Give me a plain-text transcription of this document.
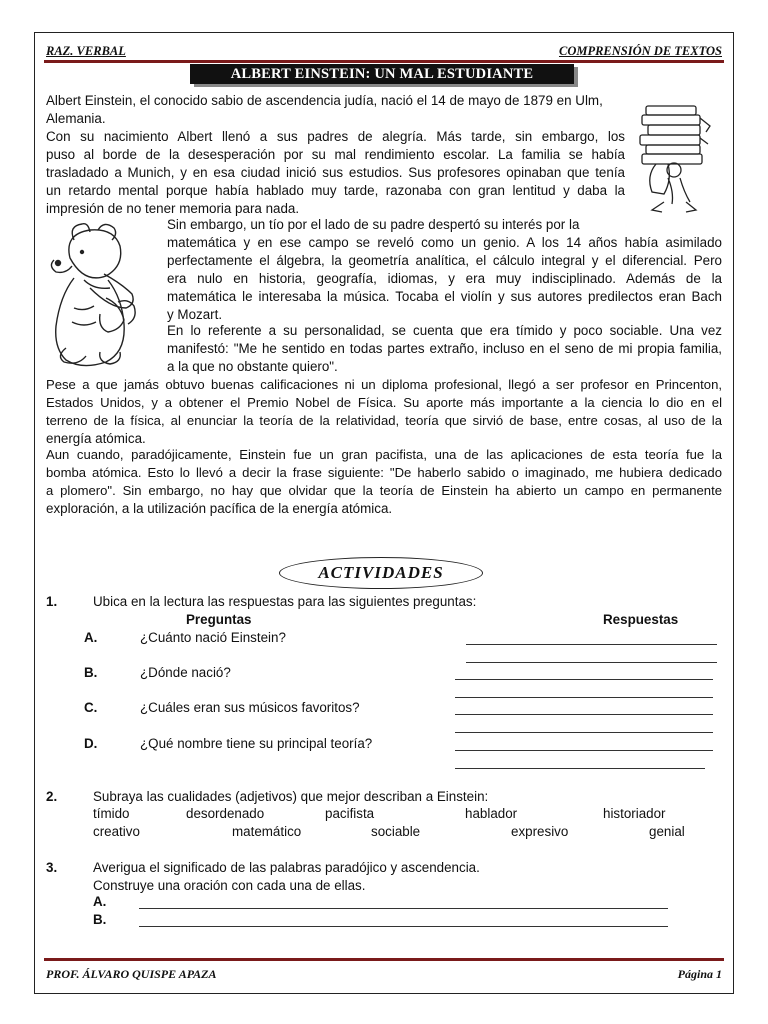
RAZ. VERBAL	COMPRENSIÓN DE TEXTOS
ALBERT EINSTEIN: UN MAL ESTUDIANTE

Albert Einstein, el conocido sabio de ascendencia judía, nació el 14 de mayo de 1879 en Ulm,

Alemania.

Con su nacimiento Albert llenó a sus padres de alegría. Más tarde, sin embargo, los

puso al borde de la desesperación por su mal rendimiento escolar. La familia se había

trasladado a Munich, y en esa ciudad inició sus estudios. Sus profesores opinaban que tenía

un retardo mental porque había hablado muy tarde, razonaba con gran lentitud y daba la

impresión de no tener memoria para nada.

Sin embargo, un tío por el lado de su padre despertó su interés por la

matemática y en ese campo se reveló como un genio. A los 14 años había asimilado

perfectamente el álgebra, la geometría analítica, el cálculo integral y el diferencial. Pero

era nulo en historia, geografía, idiomas, y era muy indisciplinado. Además de la

matemática le interesaba la música. Tocaba el violín y sus autores predilectos eran Bach

y Mozart.

En lo referente a su personalidad, se cuenta que era tímido y poco sociable. Una vez

manifestó: "Me he sentido en todas partes extraño, incluso en el seno de mi propia familia,

a la que no obstante quiero".

Pese a que jamás obtuvo buenas calificaciones ni un diploma profesional, llegó a ser profesor en Princenton,

Estados Unidos, y a obtener el Premio Nobel de Física. Su aporte más importante a la ciencia lo dio en el

terreno de la física, al enunciar la teoría de la relatividad, teoría que sirvió de base, entre cosas, al uso de la

energía atómica.

Aun cuando, paradójicamente, Einstein fue un gran pacifista, una de las aplicaciones de esta teoría fue la

bomba atómica. Esto lo llevó a decir la frase siguiente: "De haberlo sabido o imaginado, me hubiera dedicado

a plomero". Sin embargo, no hay que olvidar que la teoría de Einstein ha abierto un campo en permanente

exploración, a la utilización pacífica de la energía atómica.

ACTIVIDADES
1.	Ubica en la lectura las respuestas para las siguientes preguntas:
Preguntas	Respuestas
A.	¿Cuánto nació Einstein?
B.	¿Dónde nació?
C.	¿Cuáles eran sus músicos favoritos?
D.	¿Qué nombre tiene su principal teoría?
2.	Subraya las cualidades (adjetivos) que mejor describan a Einstein:
tímido	desordenado	pacifista	hablador	historiador
creativo	matemático	sociable	expresivo	genial
3.	Averigua el significado de las palabras paradójico y ascendencia.
Construye una oración con cada una de ellas.
A.
B.
PROF. ÁLVARO QUISPE APAZA	Página 1
